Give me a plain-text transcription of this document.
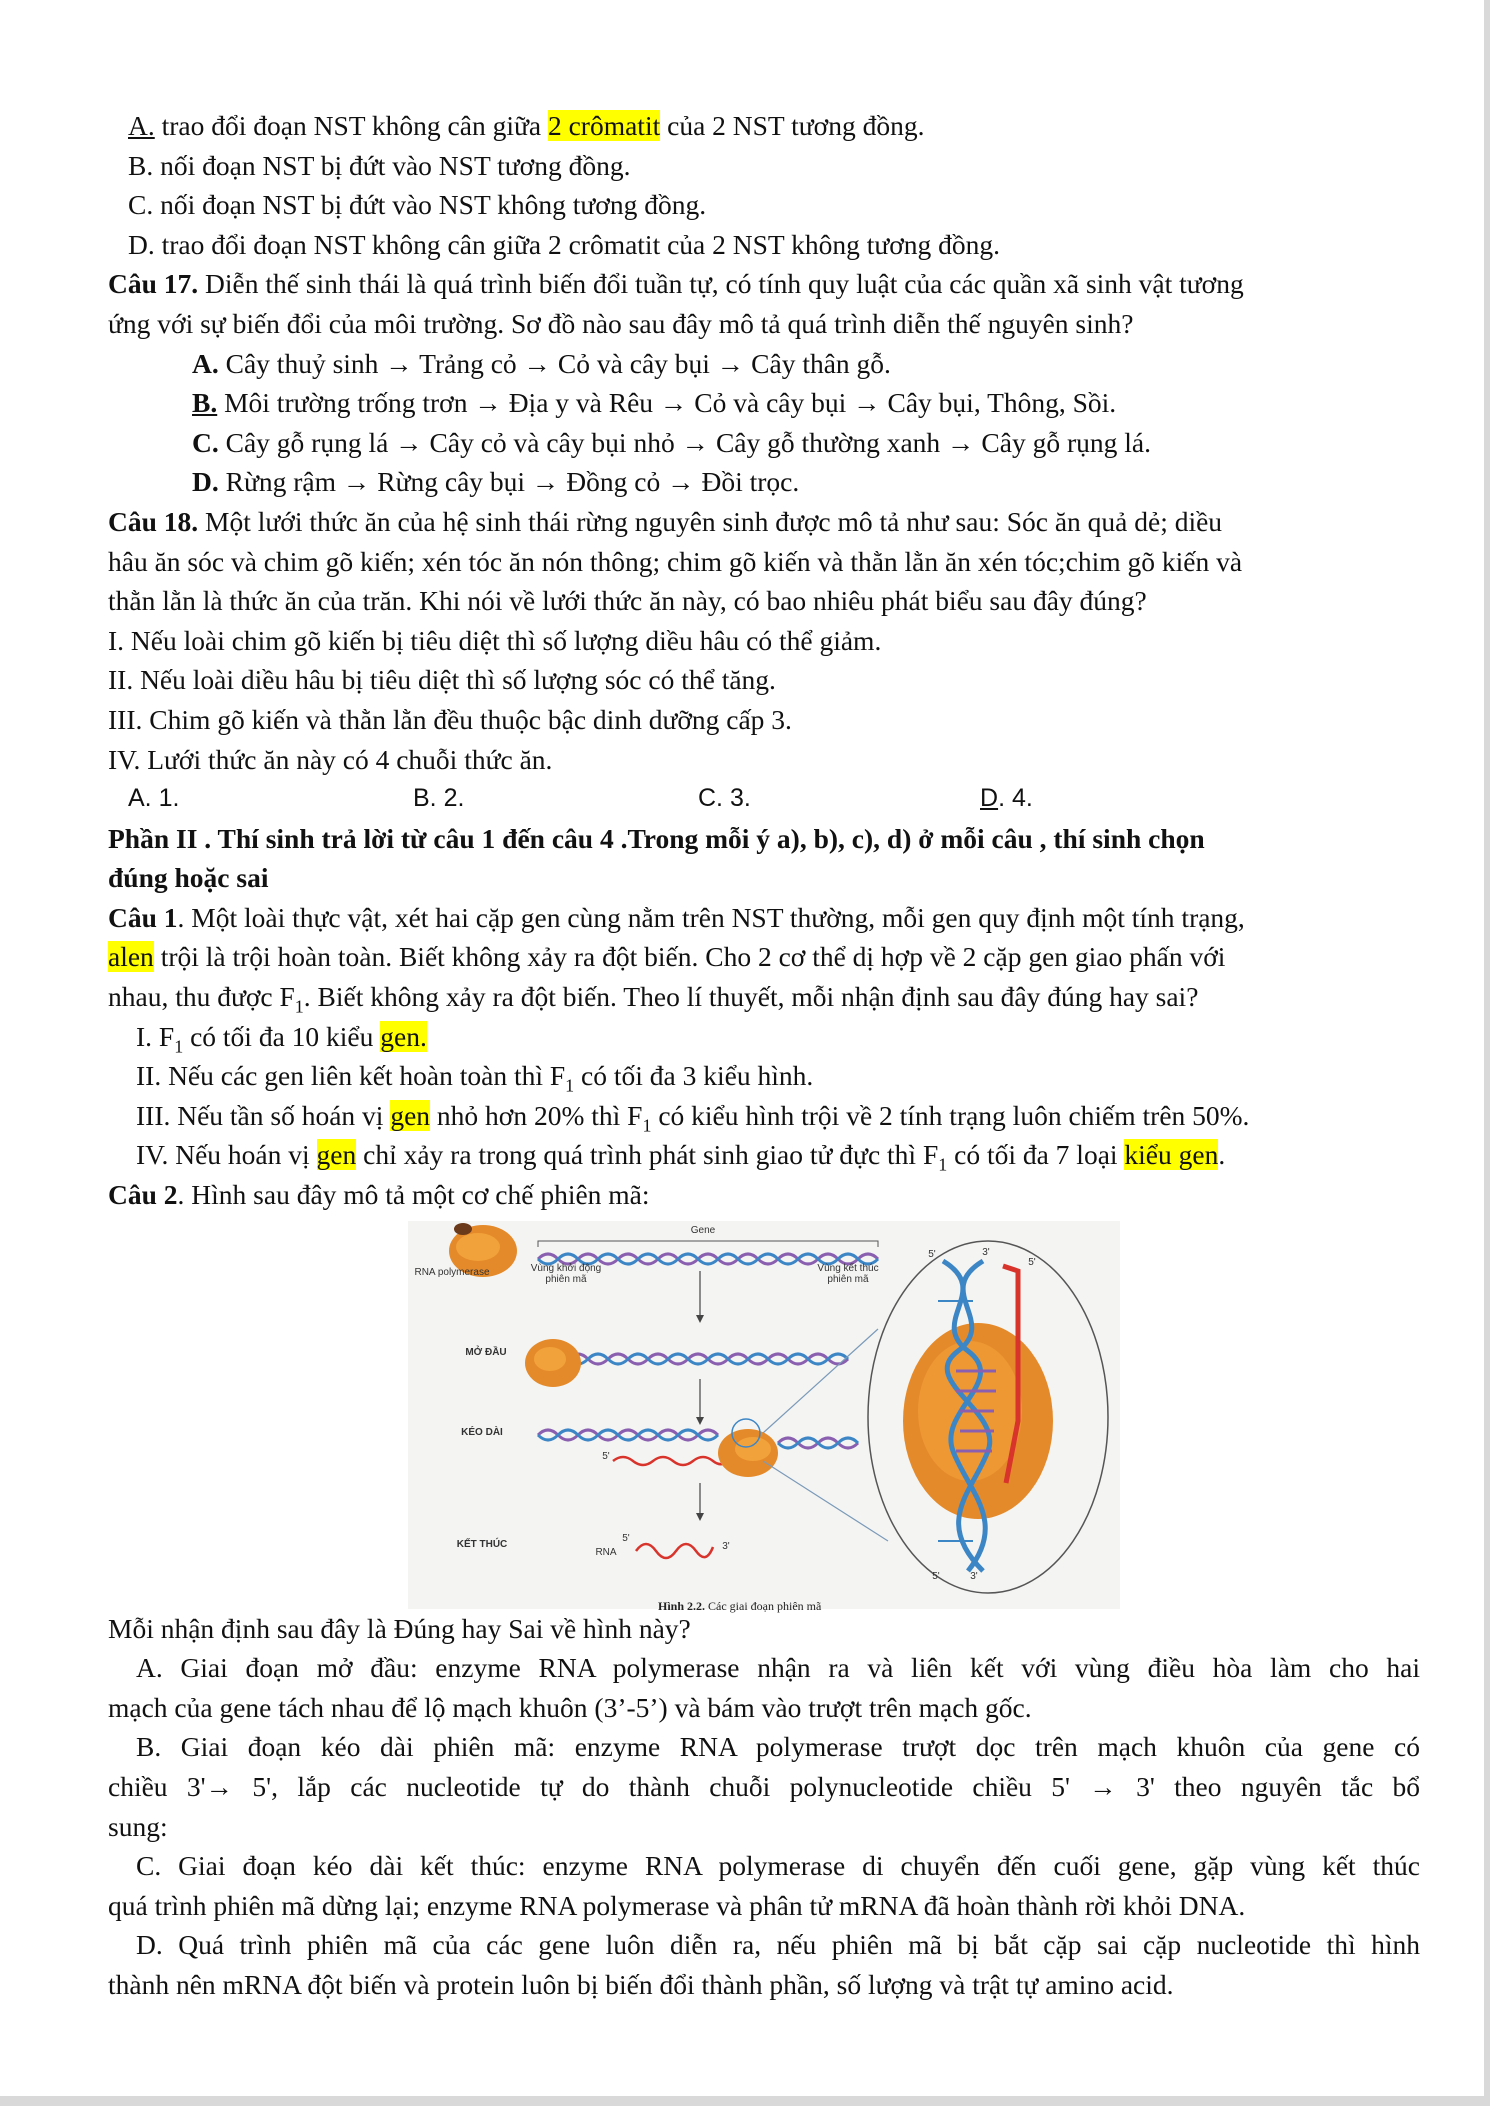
A. trao đổi đoạn NST không cân giữa 2 crômatit của 2 NST tương đồng.
B. nối đoạn NST bị đứt vào NST tương đồng.
C. nối đoạn NST bị đứt vào NST không tương đồng.
D. trao đổi đoạn NST không cân giữa 2 crômatit của 2 NST không tương đồng.
Câu 17. Diễn thế sinh thái là quá trình biến đổi tuần tự, có tính quy luật của các quần xã sinh vật tương
ứng với sự biến đổi của môi trường. Sơ đồ nào sau đây mô tả quá trình diễn thế nguyên sinh?
A. Cây thuỷ sinh → Trảng cỏ → Cỏ và cây bụi → Cây thân gỗ.
B. Môi trường trống trơn → Địa y và Rêu → Cỏ và cây bụi → Cây bụi, Thông, Sồi.
C. Cây gỗ rụng lá → Cây cỏ và cây bụi nhỏ → Cây gỗ thường xanh → Cây gỗ rụng lá.
D. Rừng rậm → Rừng cây bụi → Đồng cỏ → Đồi trọc.
Câu 18. Một lưới thức ăn của hệ sinh thái rừng nguyên sinh được mô tả như sau: Sóc ăn quả dẻ; diều
hâu ăn sóc và chim gõ kiến; xén tóc ăn nón thông; chim gõ kiến và thằn lằn ăn xén tóc;chim gõ kiến và
thằn lằn là thức ăn của trăn. Khi nói về lưới thức ăn này, có bao nhiêu phát biểu sau đây đúng?
I. Nếu loài chim gõ kiến bị tiêu diệt thì số lượng diều hâu có thể giảm.
II. Nếu loài diều hâu bị tiêu diệt thì số lượng sóc có thể tăng.
III. Chim gõ kiến và thằn lằn đều thuộc bậc dinh dưỡng cấp 3.
IV. Lưới thức ăn này có 4 chuỗi thức ăn.
A. 1.	B. 2.	C. 3.	D. 4.
Phần II . Thí sinh trả lời từ câu 1 đến câu 4 .Trong mỗi ý a), b), c), d) ở mỗi câu , thí sinh chọn
đúng hoặc sai
Câu 1. Một loài thực vật, xét hai cặp gen cùng nằm trên NST thường, mỗi gen quy định một tính trạng,
alen trội là trội hoàn toàn. Biết không xảy ra đột biến. Cho 2 cơ thể dị hợp về 2 cặp gen giao phấn với
nhau, thu được $F_1$. Biết không xảy ra đột biến. Theo lí thuyết, mỗi nhận định sau đây đúng hay sai?
I. $F_1$ có tối đa 10 kiểu gen.
II. Nếu các gen liên kết hoàn toàn thì $F_1$ có tối đa 3 kiểu hình.
III. Nếu tần số hoán vị gen nhỏ hơn 20% thì $F_1$ có kiểu hình trội về 2 tính trạng luôn chiếm trên 50%.
IV. Nếu hoán vị gen chỉ xảy ra trong quá trình phát sinh giao tử đực thì $F_1$ có tối đa 7 loại kiểu gen.
Câu 2. Hình sau đây mô tả một cơ chế phiên mã:
Gene
RNA polymerase	Vùng khởi động phiên mã
Vùng kết thúc phiên mã
MỞ ĐẦU
KÉO DÀI
KẾT THÚC
RNA
5'
5'
3'
5'	3'
5'
5'	3'
Hình 2.2. Các giai đoạn phiên mã
Mỗi nhận định sau đây là Đúng hay Sai về hình này?
A. Giai đoạn mở đầu: enzyme RNA polymerase nhận ra và liên kết với vùng điều hòa làm cho hai
mạch của gene tách nhau để lộ mạch khuôn (3’-5’) và bám vào trượt trên mạch gốc.
B. Giai đoạn kéo dài phiên mã: enzyme RNA polymerase trượt dọc trên mạch khuôn của gene có
chiều 3'→ 5', lắp các nucleotide tự do thành chuỗi polynucleotide chiều 5' → 3' theo nguyên tắc bổ
sung:
C. Giai đoạn kéo dài kết thúc: enzyme RNA polymerase di chuyển đến cuối gene, gặp vùng kết thúc
quá trình phiên mã dừng lại; enzyme RNA polymerase và phân tử mRNA đã hoàn thành rời khỏi DNA.
D. Quá trình phiên mã của các gene luôn diễn ra, nếu phiên mã bị bắt cặp sai cặp nucleotide thì hình
thành nên mRNA đột biến và protein luôn bị biến đổi thành phần, số lượng và trật tự amino acid.
